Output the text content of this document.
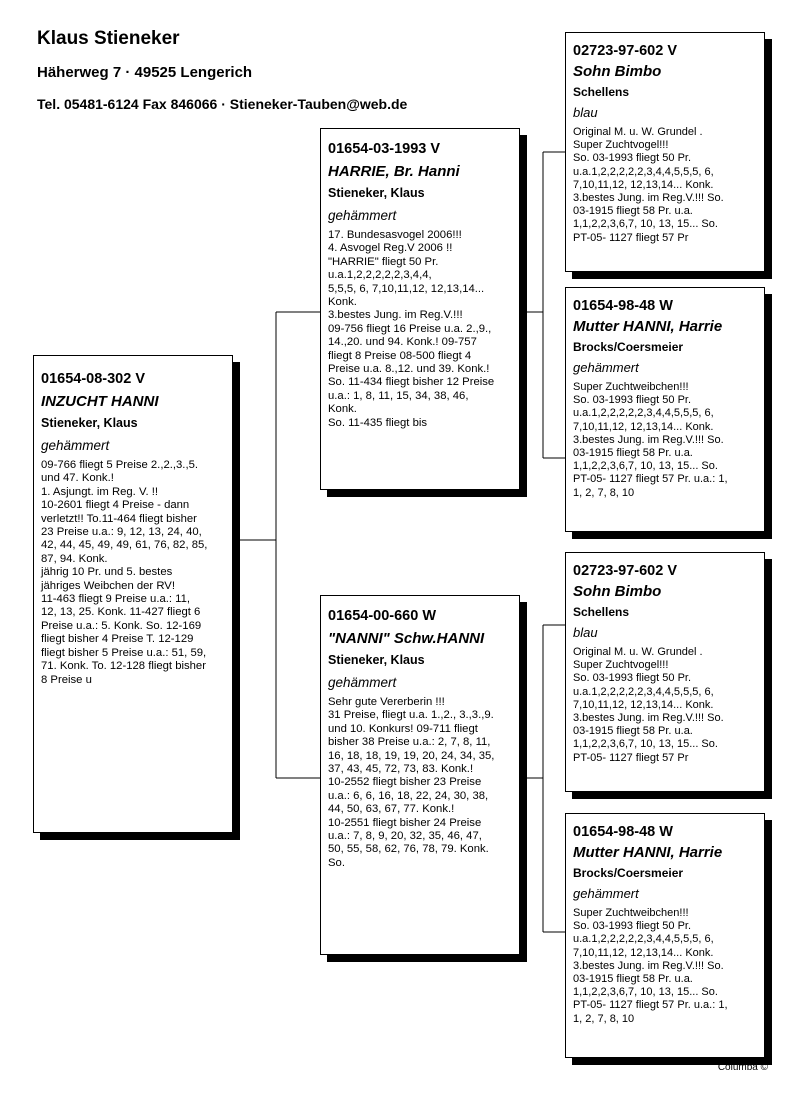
Klaus Stieneker
Häherweg 7 · 49525 Lengerich
Tel. 05481-6124 Fax 846066 · Stieneker-Tauben@web.de
01654-08-302 V
INZUCHT HANNI
Stieneker, Klaus
gehämmert
09-766 fliegt 5 Preise 2.,2.,3.,5.
und 47. Konk.!
1. Asjungt. im Reg. V. !!
10-2601 fliegt 4 Preise - dann
verletzt!! To.11-464 fliegt bisher
23 Preise u.a.: 9, 12, 13, 24, 40,
42, 44, 45, 49, 49, 61, 76, 82, 85,
87, 94. Konk.
jährig 10 Pr. und 5. bestes
jähriges Weibchen der RV!
11-463 fliegt 9 Preise u.a.: 11,
12, 13, 25. Konk. 11-427 fliegt 6
Preise u.a.: 5. Konk. So. 12-169
fliegt bisher 4 Preise T. 12-129
fliegt bisher 5 Preise u.a.: 51, 59,
71. Konk. To. 12-128 fliegt bisher
8 Preise u
01654-03-1993 V
HARRIE, Br. Hanni
Stieneker, Klaus
gehämmert
17. Bundesasvogel 2006!!!
4. Asvogel Reg.V 2006 !!
"HARRIE" fliegt 50 Pr.
u.a.1,2,2,2,2,2,3,4,4,
5,5,5, 6, 7,10,11,12, 12,13,14...
Konk.
3.bestes Jung. im Reg.V.!!!
09-756 fliegt 16 Preise u.a. 2.,9.,
14.,20. und 94. Konk.! 09-757
fliegt 8 Preise 08-500 fliegt 4
Preise u.a. 8.,12. und 39. Konk.!
So. 11-434 fliegt bisher 12 Preise
u.a.: 1, 8, 11, 15, 34, 38, 46,
Konk.
So. 11-435 fliegt bis
01654-00-660 W
"NANNI" Schw.HANNI
Stieneker, Klaus
gehämmert
Sehr gute Vererberin !!!
31 Preise, fliegt u.a. 1.,2., 3.,3.,9.
und 10. Konkurs! 09-711 fliegt
bisher 38 Preise u.a.: 2, 7, 8, 11,
16, 18, 18, 19, 19, 20, 24, 34, 35,
37, 43, 45, 72, 73, 83. Konk.!
10-2552 fliegt bisher 23 Preise
u.a.: 6, 6, 16, 18, 22, 24, 30, 38,
44, 50, 63, 67, 77. Konk.!
10-2551 fliegt bisher 24 Preise
u.a.: 7, 8, 9, 20, 32, 35, 46, 47,
50, 55, 58, 62, 76, 78, 79. Konk.
So.
02723-97-602 V
Sohn Bimbo
Schellens
blau
Original M. u. W. Grundel .
Super Zuchtvogel!!!
So. 03-1993 fliegt 50 Pr.
u.a.1,2,2,2,2,2,3,4,4,5,5,5, 6,
7,10,11,12, 12,13,14... Konk.
3.bestes Jung. im Reg.V.!!! So.
03-1915 fliegt 58 Pr. u.a.
1,1,2,2,3,6,7, 10, 13, 15... So.
PT-05- 1127 fliegt 57 Pr
01654-98-48 W
Mutter HANNI, Harrie
Brocks/Coersmeier
gehämmert
Super Zuchtweibchen!!!
So. 03-1993 fliegt 50 Pr.
u.a.1,2,2,2,2,2,3,4,4,5,5,5, 6,
7,10,11,12, 12,13,14... Konk.
3.bestes Jung. im Reg.V.!!! So.
03-1915 fliegt 58 Pr. u.a.
1,1,2,2,3,6,7, 10, 13, 15... So.
PT-05- 1127 fliegt 57 Pr. u.a.: 1,
1, 2, 7, 8, 10
02723-97-602 V
Sohn Bimbo
Schellens
blau
Original M. u. W. Grundel .
Super Zuchtvogel!!!
So. 03-1993 fliegt 50 Pr.
u.a.1,2,2,2,2,2,3,4,4,5,5,5, 6,
7,10,11,12, 12,13,14... Konk.
3.bestes Jung. im Reg.V.!!! So.
03-1915 fliegt 58 Pr. u.a.
1,1,2,2,3,6,7, 10, 13, 15... So.
PT-05- 1127 fliegt 57 Pr
01654-98-48 W
Mutter HANNI, Harrie
Brocks/Coersmeier
gehämmert
Super Zuchtweibchen!!!
So. 03-1993 fliegt 50 Pr.
u.a.1,2,2,2,2,2,3,4,4,5,5,5, 6,
7,10,11,12, 12,13,14... Konk.
3.bestes Jung. im Reg.V.!!! So.
03-1915 fliegt 58 Pr. u.a.
1,1,2,2,3,6,7, 10, 13, 15... So.
PT-05- 1127 fliegt 57 Pr. u.a.: 1,
1, 2, 7, 8, 10
Columba ©
